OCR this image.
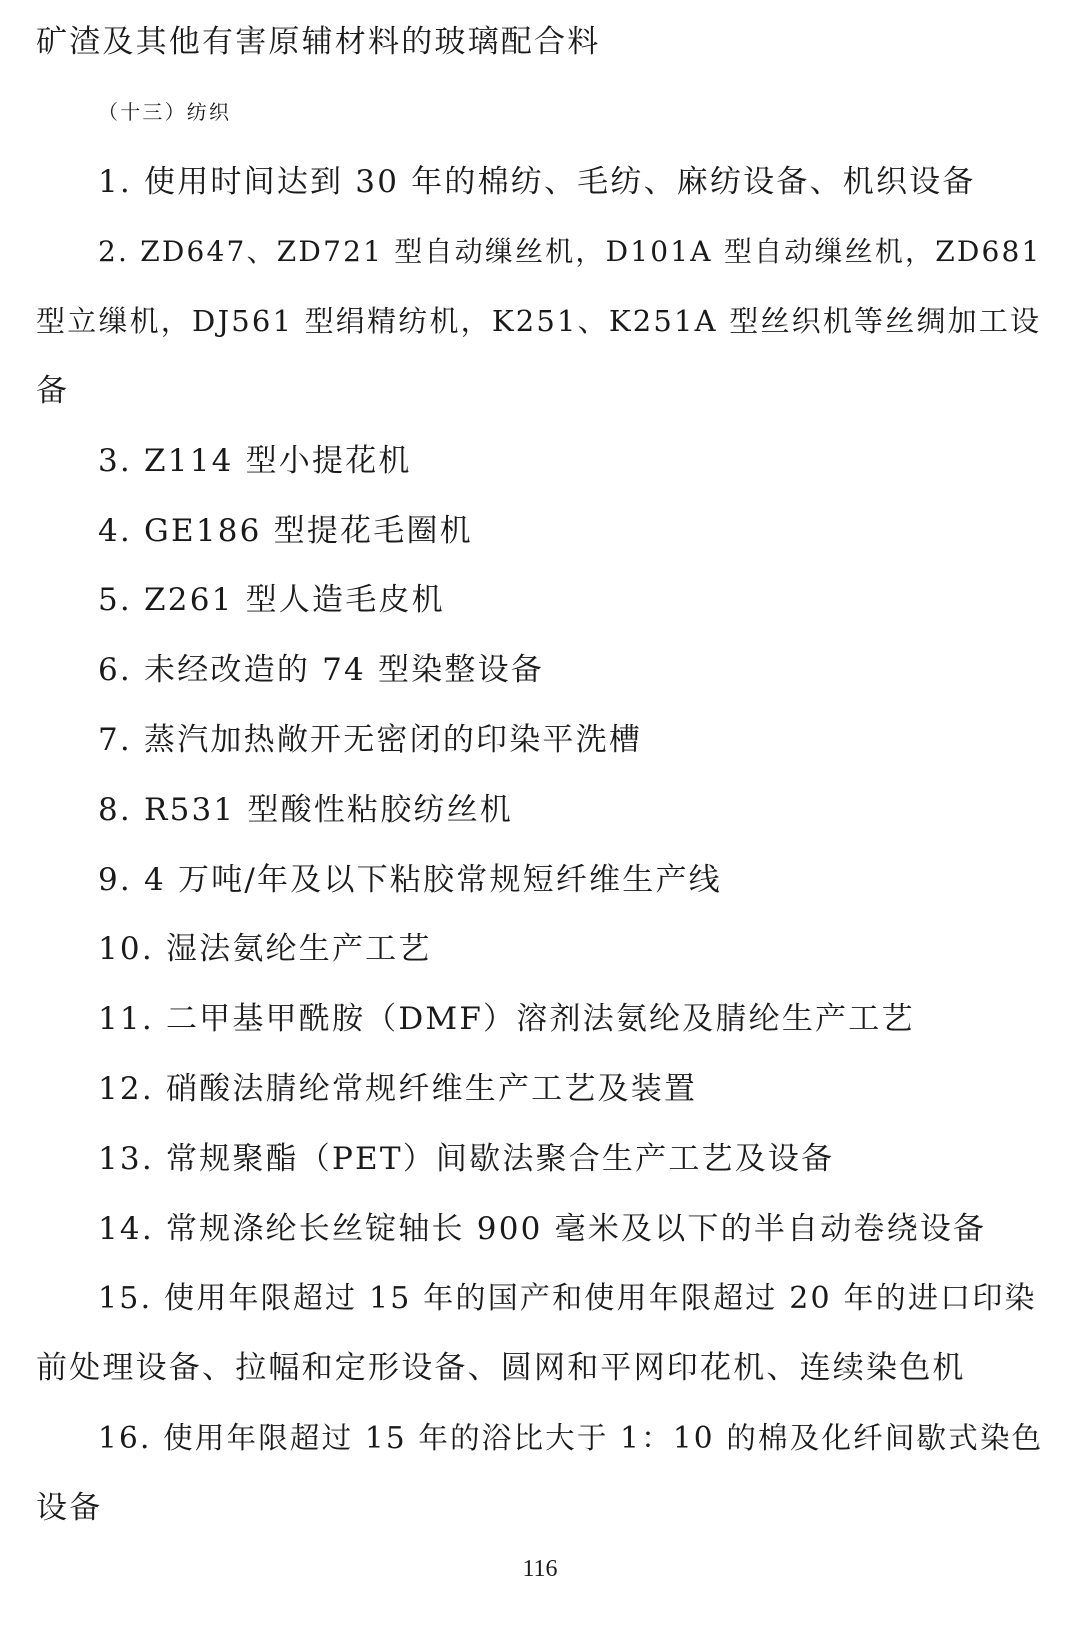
矿渣及其他有害原辅材料的玻璃配合料
（十三）纺织
1. 使用时间达到 30 年的棉纺、毛纺、麻纺设备、机织设备
2. ZD647、ZD721 型自动缫丝机，D101A 型自动缫丝机，ZD681
型立缫机，DJ561 型绢精纺机，K251、K251A 型丝织机等丝绸加工设
备
3. Z114 型小提花机
4. GE186 型提花毛圈机
5. Z261 型人造毛皮机
6. 未经改造的 74 型染整设备
7. 蒸汽加热敞开无密闭的印染平洗槽
8. R531 型酸性粘胶纺丝机
9. 4 万吨/年及以下粘胶常规短纤维生产线
10. 湿法氨纶生产工艺
11. 二甲基甲酰胺（DMF）溶剂法氨纶及腈纶生产工艺
12. 硝酸法腈纶常规纤维生产工艺及装置
13. 常规聚酯（PET）间歇法聚合生产工艺及设备
14. 常规涤纶长丝锭轴长 900 毫米及以下的半自动卷绕设备
15. 使用年限超过 15 年的国产和使用年限超过 20 年的进口印染
前处理设备、拉幅和定形设备、圆网和平网印花机、连续染色机
16. 使用年限超过 15 年的浴比大于 1：10 的棉及化纤间歇式染色
设备
116
